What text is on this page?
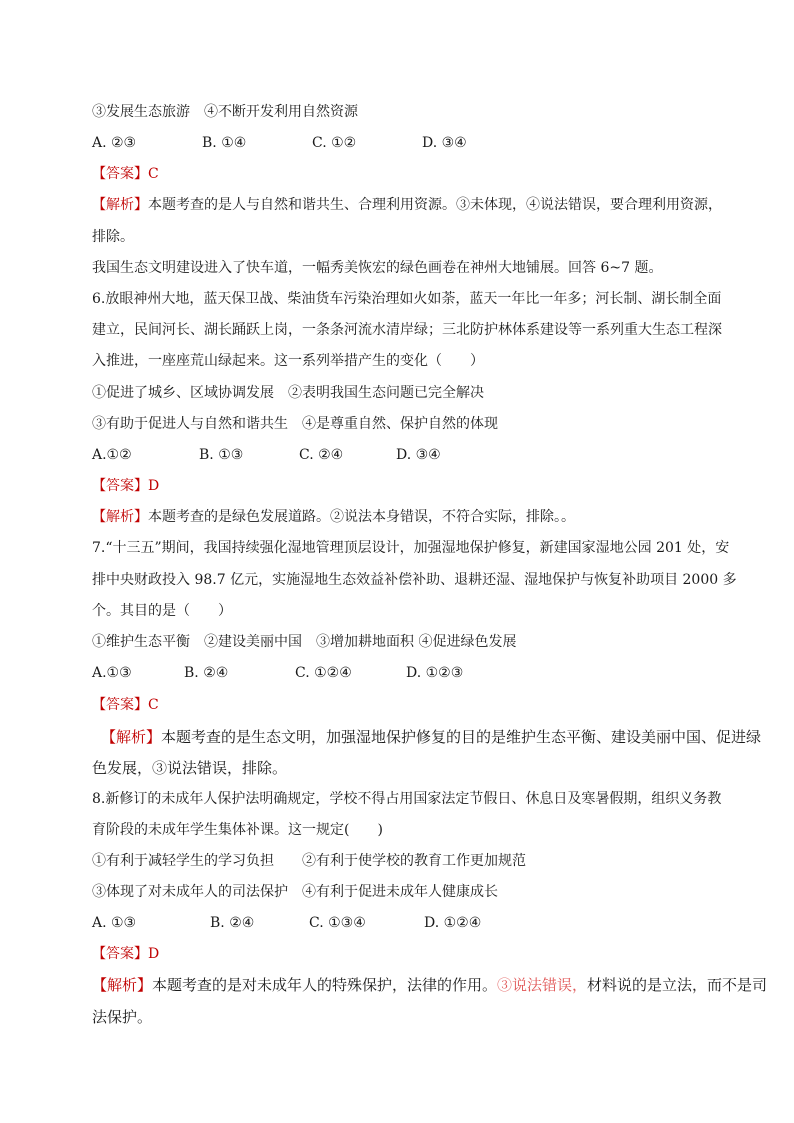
③发展生态旅游　④不断开发利用自然资源
A. ②③	B. ①④	C. ①②	D. ③④
【答案】C
【解析】本题考查的是人与自然和谐共生、合理利用资源。③未体现，④说法错误，要合理利用资源，
排除。
我国生态文明建设进入了快车道，一幅秀美恢宏的绿色画卷在神州大地铺展。回答 6~7 题。
6.放眼神州大地，蓝天保卫战、柴油货车污染治理如火如荼，蓝天一年比一年多；河长制、湖长制全面
建立，民间河长、湖长踊跃上岗，一条条河流水清岸绿；三北防护林体系建设等一系列重大生态工程深
入推进，一座座荒山绿起来。这一系列举措产生的变化（　　）
①促进了城乡、区域协调发展　②表明我国生态问题已完全解决
③有助于促进人与自然和谐共生　④是尊重自然、保护自然的体现
A.①②	B. ①③	C. ②④	D. ③④
【答案】D
【解析】本题考查的是绿色发展道路。②说法本身错误，不符合实际，排除。。
7.“十三五”期间，我国持续强化湿地管理顶层设计，加强湿地保护修复，新建国家湿地公园 201 处，安
排中央财政投入 98.7 亿元，实施湿地生态效益补偿补助、退耕还湿、湿地保护与恢复补助项目 2000 多
个。其目的是（　　）
①维护生态平衡　②建设美丽中国　③增加耕地面积 ④促进绿色发展
A.①③	B. ②④	C. ①②④	D. ①②③
【答案】C
【解析】本题考查的是生态文明，加强湿地保护修复的目的是维护生态平衡、建设美丽中国、促进绿
色发展，③说法错误，排除。
8.新修订的未成年人保护法明确规定，学校不得占用国家法定节假日、休息日及寒暑假期，组织义务教
育阶段的未成年学生集体补课。这一规定(　　)
①有利于减轻学生的学习负担　　②有利于使学校的教育工作更加规范
③体现了对未成年人的司法保护　④有利于促进未成年人健康成长
A. ①③	B. ②④	C. ①③④	D. ①②④
【答案】D
【解析】本题考查的是对未成年人的特殊保护，法律的作用。③说法错误，材料说的是立法，而不是司
法保护。
